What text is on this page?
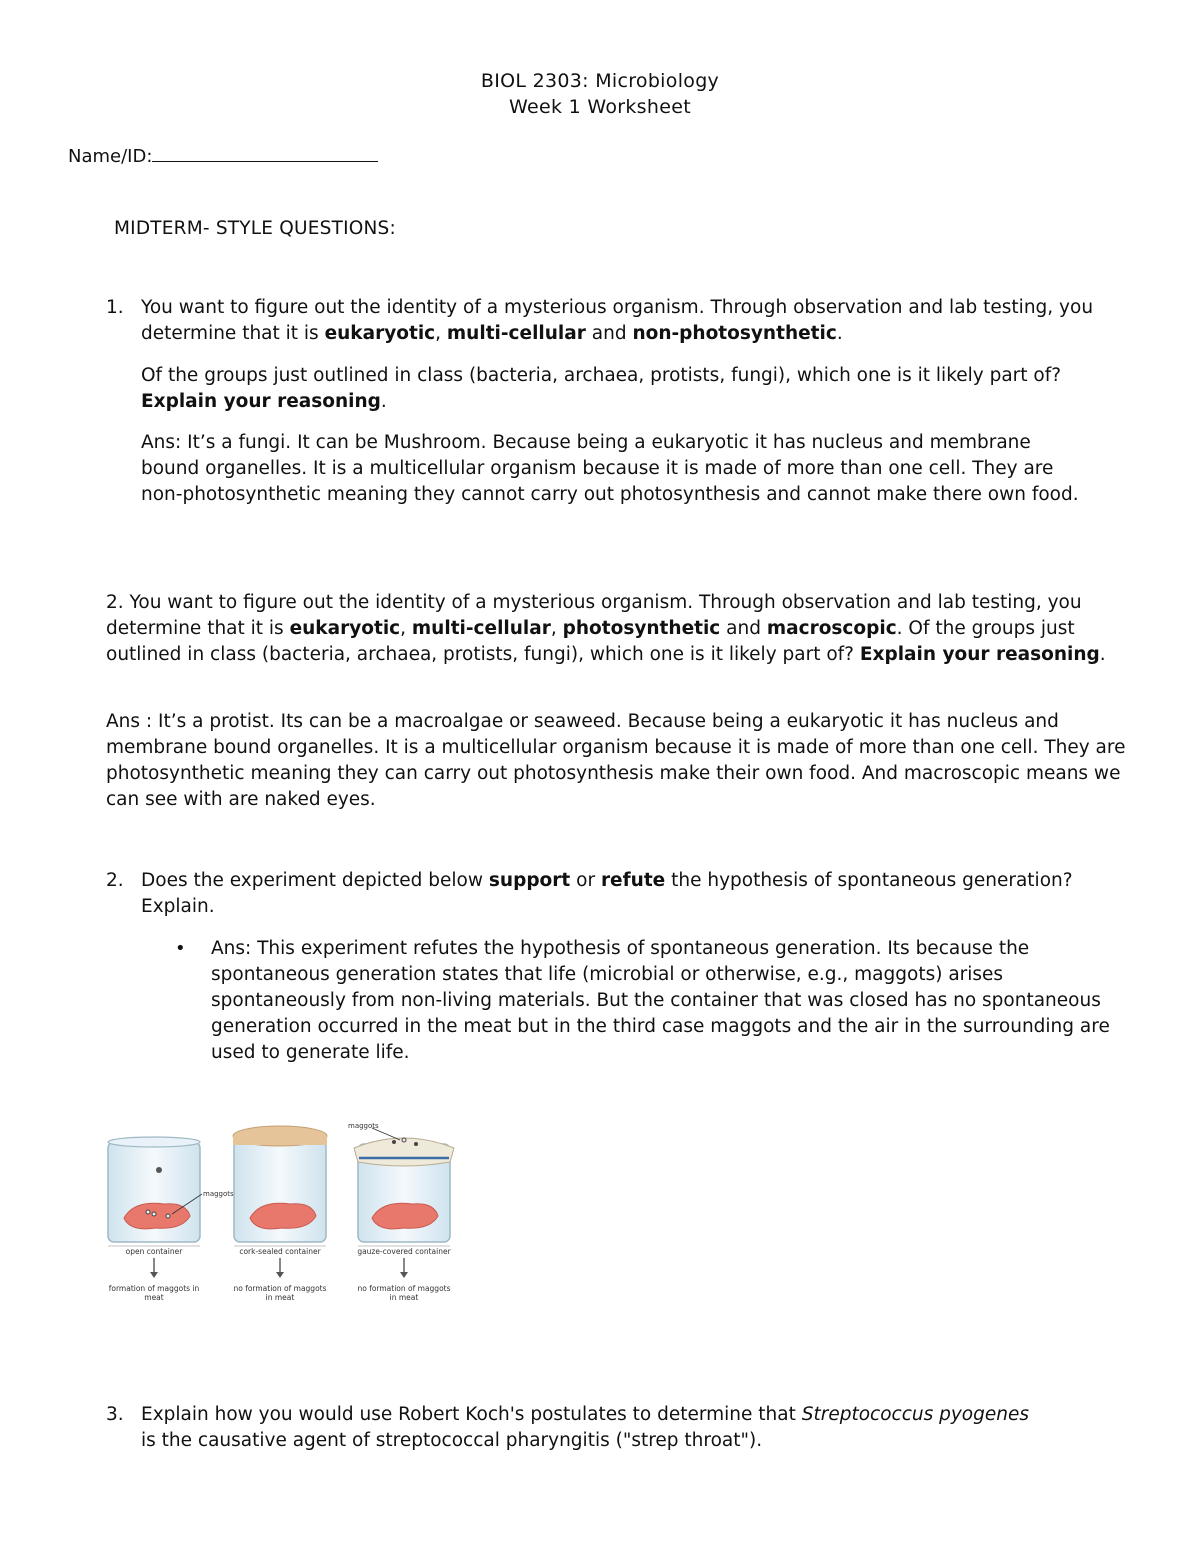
BIOL 2303: Microbiology
Week 1 Worksheet
Name/ID:
MIDTERM- STYLE QUESTIONS:
1. You want to figure out the identity of a mysterious organism. Through observation and lab testing, you determine that it is eukaryotic, multi-cellular and non-photosynthetic.

Of the groups just outlined in class (bacteria, archaea, protists, fungi), which one is it likely part of? Explain your reasoning.

Ans: It’s a fungi. It can be Mushroom. Because being a eukaryotic it has nucleus and membrane bound organelles. It is a multicellular organism because it is made of more than one cell. They are non-photosynthetic meaning they cannot carry out photosynthesis and cannot make there own food.

2. You want to figure out the identity of a mysterious organism. Through observation and lab testing, you determine that it is eukaryotic, multi-cellular, photosynthetic and macroscopic. Of the groups just outlined in class (bacteria, archaea, protists, fungi), which one is it likely part of? Explain your reasoning.

Ans : It’s a protist. Its can be a macroalgae or seaweed. Because being a eukaryotic it has nucleus and membrane bound organelles. It is a multicellular organism because it is made of more than one cell. They are photosynthetic meaning they can carry out photosynthesis make their own food. And macroscopic means we can see with are naked eyes.

2. Does the experiment depicted below support or refute the hypothesis of spontaneous generation? Explain.

• Ans: This experiment refutes the hypothesis of spontaneous generation. Its because the spontaneous generation states that life (microbial or otherwise, e.g., maggots) arises spontaneously from non-living materials. But the container that was closed has no spontaneous generation occurred in the meat but in the third case maggots and the air in the surrounding are used to generate life.

maggots
maggots
open container	cork-sealed container	gauze-covered container
formation of maggots in meat
no formation of maggots in meat
no formation of maggots in meat
3. Explain how you would use Robert Koch's postulates to determine that Streptococcus pyogenes is the causative agent of streptococcal pharyngitis ("strep throat").
